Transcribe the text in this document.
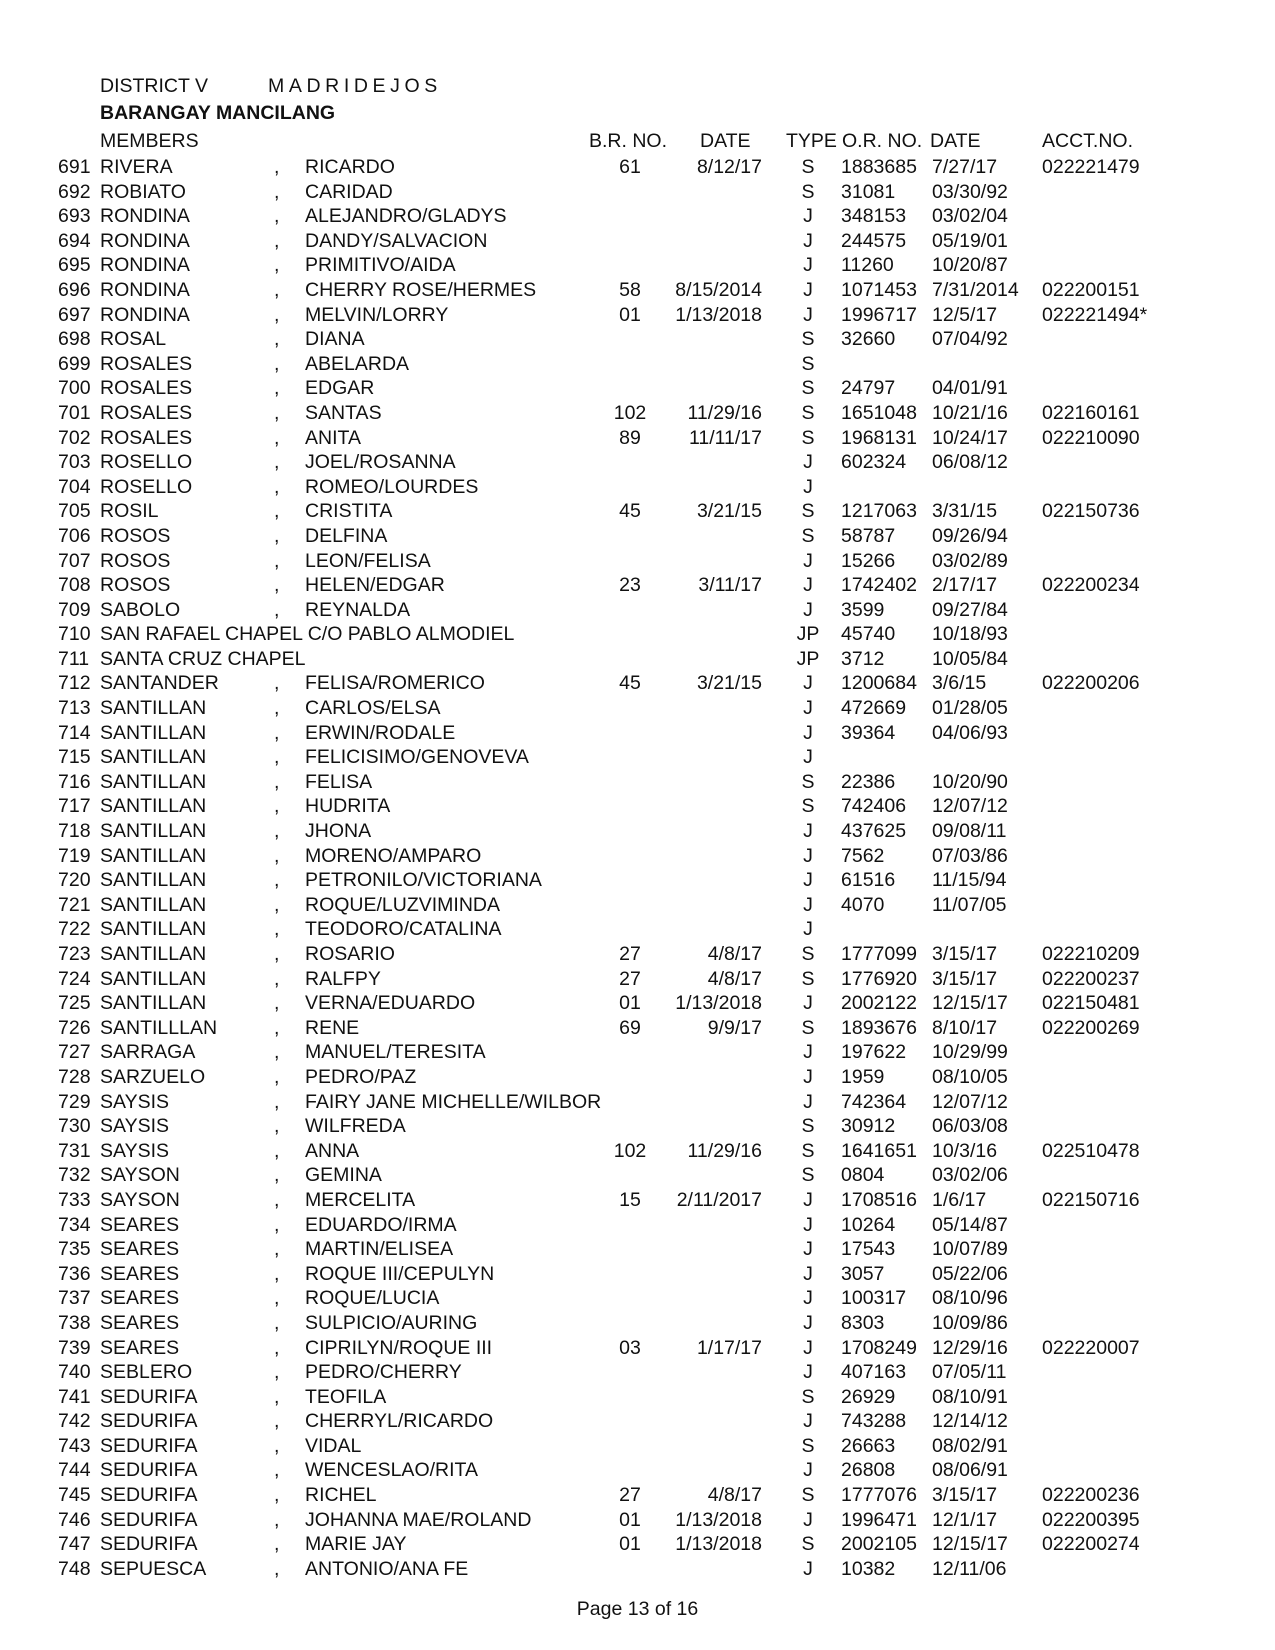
DISTRICT V	MADRIDEJOS
BARANGAY MANCILANG
MEMBERS	B.R. NO. DATE TYPE O.R. NO. DATE	ACCT.NO.
691 RIVERA	, RICARDO	61	8/12/17	S	1883685 7/27/17 022221479
692 ROBIATO	, CARIDAD	S	31081 03/30/92
693 RONDINA	, ALEJANDRO/GLADYS	J	348153 03/02/04
694 RONDINA	, DANDY/SALVACION	J	244575 05/19/01
695 RONDINA	, PRIMITIVO/AIDA	J	11260 10/20/87
696 RONDINA	, CHERRY ROSE/HERMES	58	8/15/2014	J	1071453 7/31/2014 022200151
697 RONDINA	, MELVIN/LORRY	01	1/13/2018	J	1996717 12/5/17 022221494*
698 ROSAL	, DIANA	S	32660 07/04/92
699 ROSALES	, ABELARDA	S
700 ROSALES	, EDGAR	S	24797 04/01/91
701 ROSALES	, SANTAS	102	11/29/16	S	1651048 10/21/16 022160161
702 ROSALES	, ANITA	89	11/11/17	S	1968131 10/24/17 022210090
703 ROSELLO	, JOEL/ROSANNA	J	602324 06/08/12
704 ROSELLO	, ROMEO/LOURDES	J
705 ROSIL	, CRISTITA	45	3/21/15	S	1217063 3/31/15 022150736
706 ROSOS	, DELFINA	S	58787 09/26/94
707 ROSOS	, LEON/FELISA	J	15266 03/02/89
708 ROSOS	, HELEN/EDGAR	23	3/11/17	J	1742402 2/17/17 022200234
709 SABOLO	, REYNALDA	J	3599 09/27/84
710 SAN RAFAEL CHAPEL C/O PABLO ALMODIEL	JP	45740 10/18/93
711 SANTA CRUZ CHAPEL	JP	3712 10/05/84
712 SANTANDER	, FELISA/ROMERICO	45	3/21/15	J	1200684 3/6/15	022200206
713 SANTILLAN	, CARLOS/ELSA	J	472669 01/28/05
714 SANTILLAN	, ERWIN/RODALE	J	39364 04/06/93
715 SANTILLAN	, FELICISIMO/GENOVEVA	J
716 SANTILLAN	, FELISA	S	22386 10/20/90
717 SANTILLAN	, HUDRITA	S	742406 12/07/12
718 SANTILLAN	, JHONA	J	437625 09/08/11
719 SANTILLAN	, MORENO/AMPARO	J	7562 07/03/86
720 SANTILLAN	, PETRONILO/VICTORIANA	J	61516 11/15/94
721 SANTILLAN	, ROQUE/LUZVIMINDA	J	4070 11/07/05
722 SANTILLAN	, TEODORO/CATALINA	J
723 SANTILLAN	, ROSARIO	27	4/8/17	S	1777099 3/15/17 022210209
724 SANTILLAN	, RALFPY	27	4/8/17	S	1776920 3/15/17 022200237
725 SANTILLAN	, VERNA/EDUARDO	01	1/13/2018	J	2002122 12/15/17 022150481
726 SANTILLLAN	, RENE	69	9/9/17	S	1893676 8/10/17 022200269
727 SARRAGA	, MANUEL/TERESITA	J	197622 10/29/99
728 SARZUELO	, PEDRO/PAZ	J	1959 08/10/05
729 SAYSIS	, FAIRY JANE MICHELLE/WILBOR	J	742364 12/07/12
730 SAYSIS	, WILFREDA	S	30912 06/03/08
731 SAYSIS	, ANNA	102	11/29/16	S	1641651 10/3/16 022510478
732 SAYSON	, GEMINA	S	0804 03/02/06
733 SAYSON	, MERCELITA	15	2/11/2017	J	1708516 1/6/17	022150716
734 SEARES	, EDUARDO/IRMA	J	10264 05/14/87
735 SEARES	, MARTIN/ELISEA	J	17543 10/07/89
736 SEARES	, ROQUE III/CEPULYN	J	3057 05/22/06
737 SEARES	, ROQUE/LUCIA	J	100317 08/10/96
738 SEARES	, SULPICIO/AURING	J	8303 10/09/86
739 SEARES	, CIPRILYN/ROQUE III	03	1/17/17	J	1708249 12/29/16 022220007
740 SEBLERO	, PEDRO/CHERRY	J	407163 07/05/11
741 SEDURIFA	, TEOFILA	S	26929 08/10/91
742 SEDURIFA	, CHERRYL/RICARDO	J	743288 12/14/12
743 SEDURIFA	, VIDAL	S	26663 08/02/91
744 SEDURIFA	, WENCESLAO/RITA	J	26808 08/06/91
745 SEDURIFA	, RICHEL	27	4/8/17	S	1777076 3/15/17 022200236
746 SEDURIFA	, JOHANNA MAE/ROLAND	01	1/13/2018	J	1996471 12/1/17 022200395
747 SEDURIFA	, MARIE JAY	01	1/13/2018	S	2002105 12/15/17 022200274
748 SEPUESCA	, ANTONIO/ANA FE	J	10382 12/11/06
Page 13 of 16
